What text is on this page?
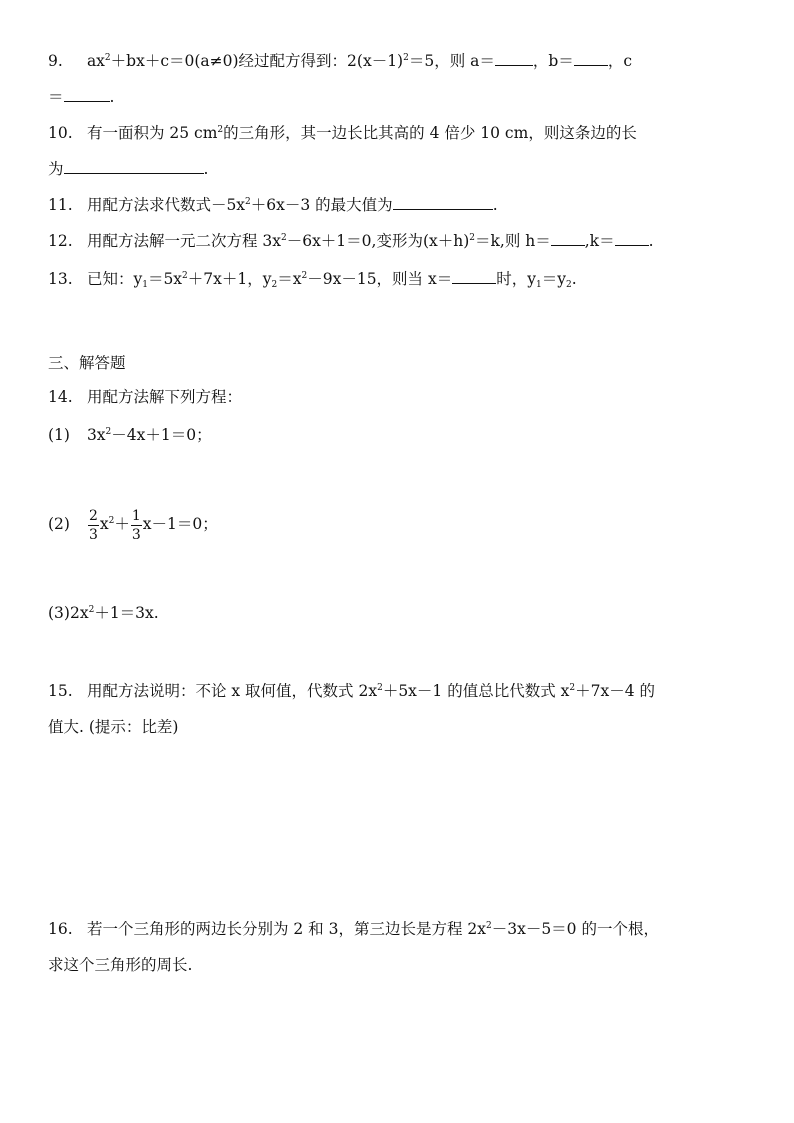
9. $ax^2+bx+c=0(a\ne 0)$经过配方得到：$2(x-1)^2=5$，则 a＝ ，b＝ ，c
＝	.
10. 有一面积为 25 $cm^2$的三角形，其一边长比其高的 4 倍少 10 cm，则这条边的长
为	.
11. 用配方法求代数式$-5x^2+6x-3$ 的最大值为	.
12. 用配方法解一元二次方程 $3x^2-6x+1=0$,变形为$(x+h)^2=k$,则 h＝ ,k＝ .
13. 已知：$y_1=5x^2+7x+1$，$y_2=x^2-9x-15$，则当 x＝	时，$y_1=y_2$.
三、解答题
14. 用配方法解下列方程：
(1) $3x^2-4x+1=0$；
$(2) \frac{2}{3} x^2+ \frac{1}{3} x-1=0$；
$(3)2x^2+1=3x$.
15. 用配方法说明：不论 x 取何值，代数式 $2x^2+5x-1$ 的值总比代数式 $x^2+7x-4$ 的
值大. (提示：比差)
16. 若一个三角形的两边长分别为 2 和 3，第三边长是方程 $2x^2-3x-5=0$ 的一个根，
求这个三角形的周长.
